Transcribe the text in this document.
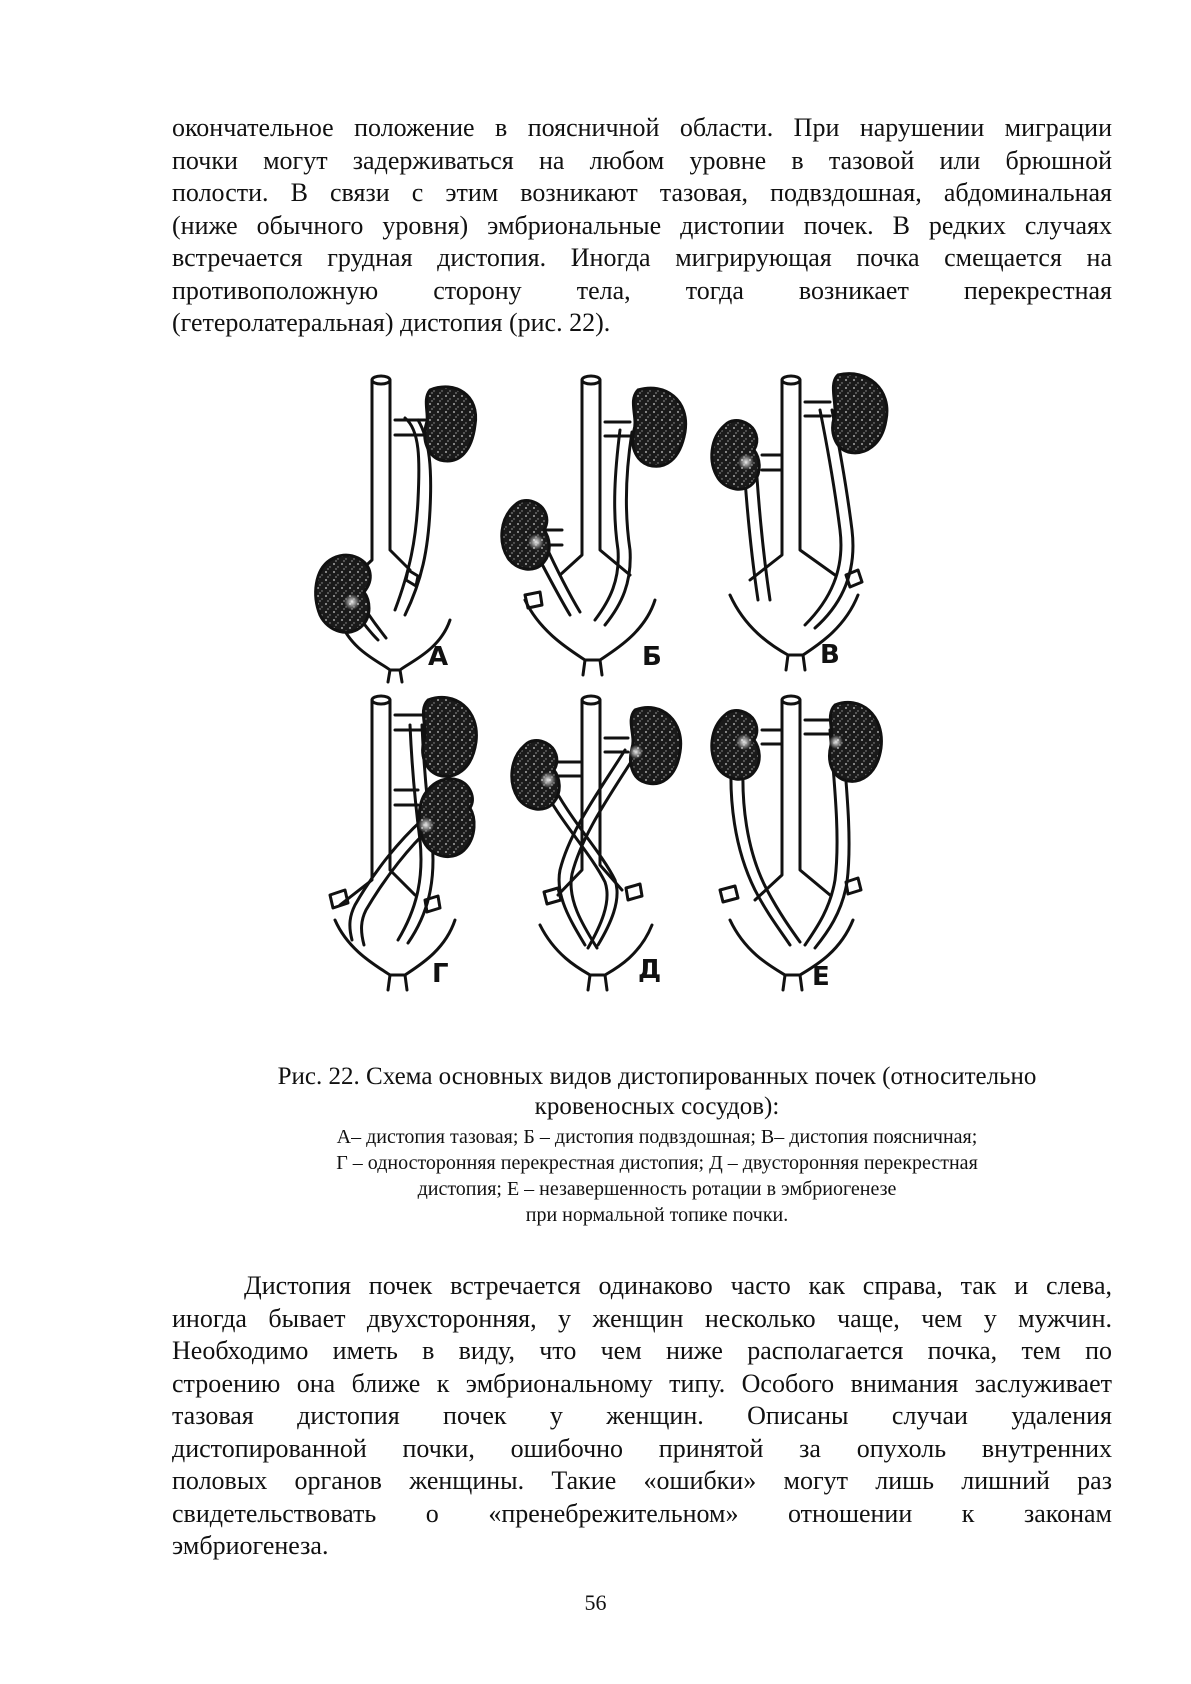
окончательное положение в поясничной области. При нарушении миграции
почки могут задерживаться на любом уровне в тазовой или брюшной
полости. В связи с этим возникают тазовая, подвздошная, абдоминальная
(ниже обычного уровня) эмбриональные дистопии почек. В редких случаях
встречается грудная дистопия. Иногда мигрирующая почка смещается на
противоположную сторону тела, тогда возникает перекрестная
(гетеролатеральная) дистопия (рис. 22).
А	Б	В
Г	Д	Е
Рис. 22. Схема основных видов дистопированных почек (относительно
кровеносных сосудов):
А– дистопия тазовая; Б – дистопия подвздошная; В– дистопия поясничная;
Г – односторонняя перекрестная дистопия; Д – двусторонняя перекрестная
дистопия; Е – незавершенность ротации в эмбриогенезе
при нормальной топике почки.
Дистопия почек встречается одинаково часто как справа, так и слева,
иногда бывает двухсторонняя, у женщин несколько чаще, чем у мужчин.
Необходимо иметь в виду, что чем ниже располагается почка, тем по
строению она ближе к эмбриональному типу. Особого внимания заслуживает
тазовая дистопия почек у женщин. Описаны случаи удаления
дистопированной почки, ошибочно принятой за опухоль внутренних
половых органов женщины. Такие «ошибки» могут лишь лишний раз
свидетельствовать о «пренебрежительном» отношении к законам
эмбриогенеза.
56
